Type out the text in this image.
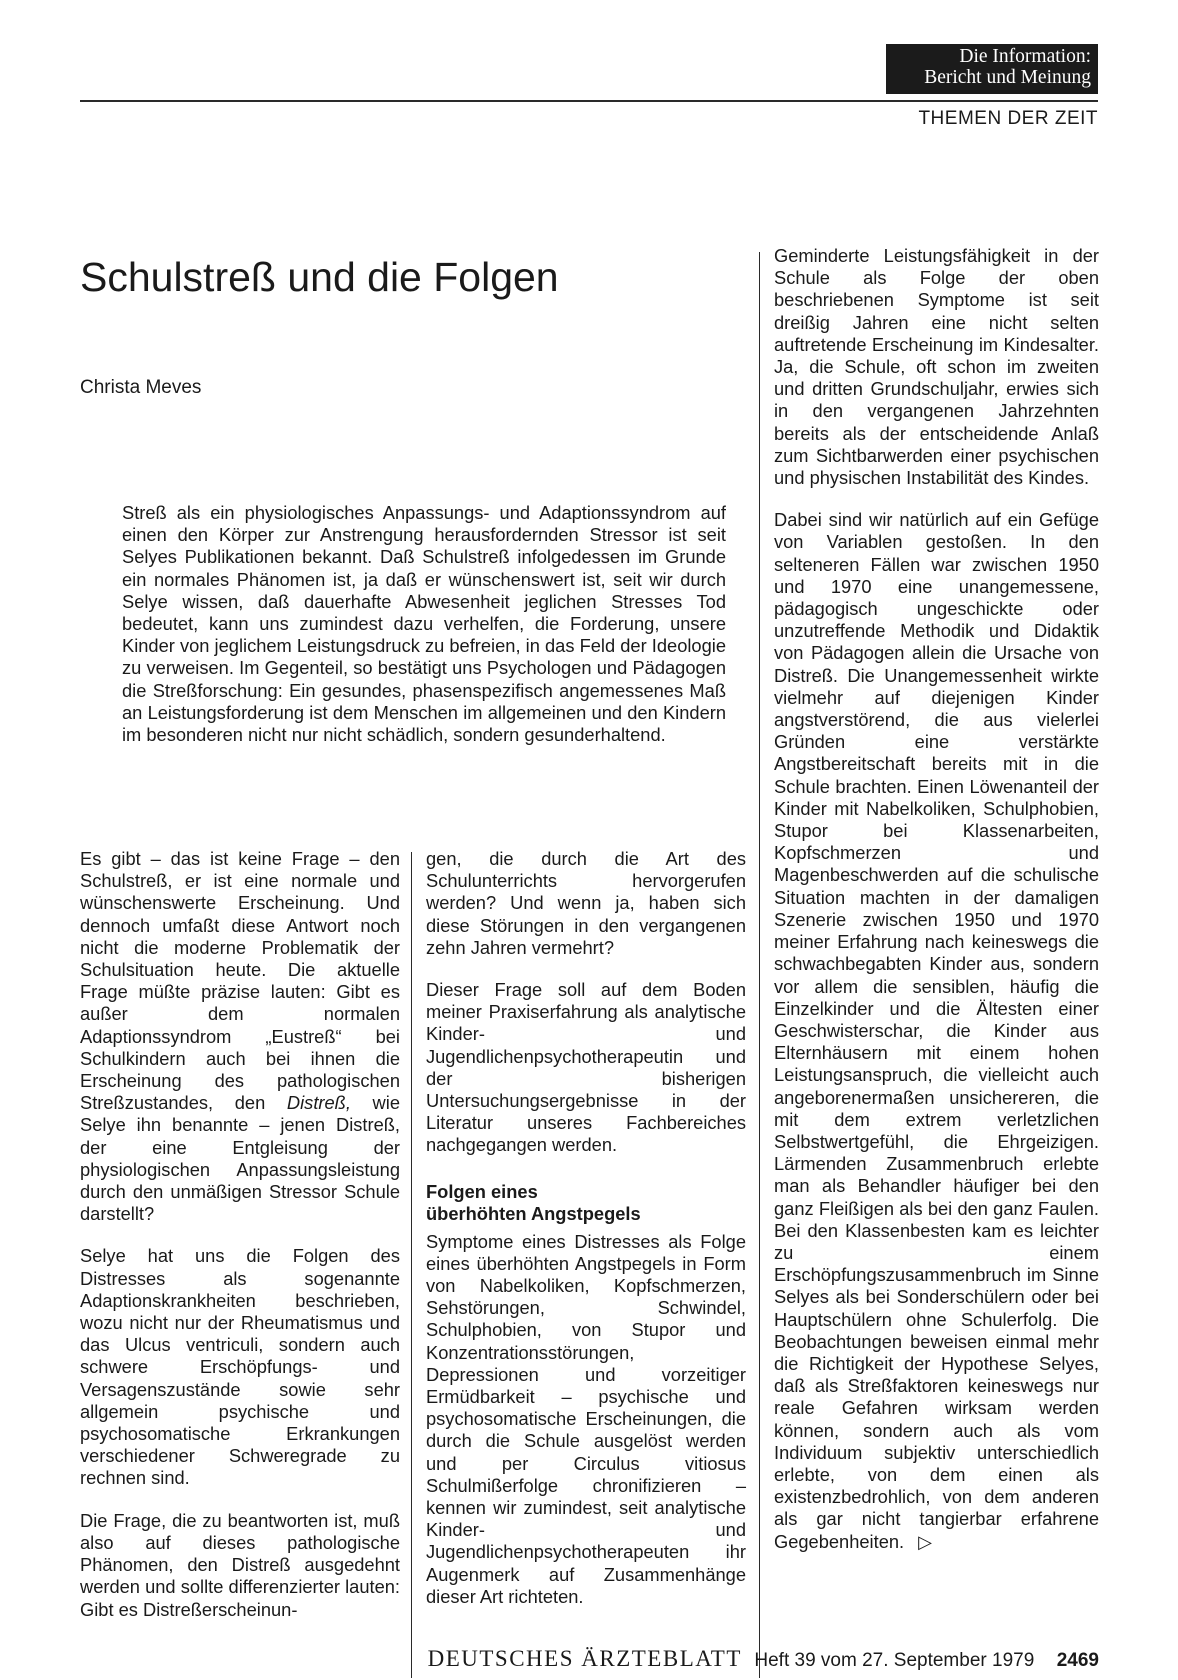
Die Information:
Bericht und Meinung
THEMEN DER ZEIT
Schulstreß und die Folgen
Christa Meves

Streß als ein physiologisches Anpassungs- und Adaptionssyndrom auf einen den Körper zur Anstrengung herausfordernden Stressor ist seit Selyes Publikationen bekannt. Daß Schulstreß infolgedessen im Grunde ein normales Phänomen ist, ja daß er wünschenswert ist, seit wir durch Selye wissen, daß dauerhafte Abwesenheit jeglichen Stresses Tod bedeutet, kann uns zumindest dazu verhelfen, die Forderung, unsere Kinder von jeglichem Leistungsdruck zu befreien, in das Feld der Ideologie zu verweisen. Im Gegenteil, so bestätigt uns Psychologen und Pädagogen die Streßforschung: Ein gesundes, phasenspezifisch angemessenes Maß an Leistungsforderung ist dem Menschen im allgemeinen und den Kindern im besonderen nicht nur nicht schädlich, sondern gesunderhaltend.

Es gibt – das ist keine Frage – den Schulstreß, er ist eine normale und wünschenswerte Erscheinung. Und dennoch umfaßt diese Antwort noch nicht die moderne Problematik der Schulsituation heute. Die aktuelle Frage müßte präzise lauten: Gibt es außer dem normalen Adaptionssyndrom „Eustreß“ bei Schulkindern auch bei ihnen die Erscheinung des pathologischen Streßzustandes, den Distreß, wie Selye ihn benannte – jenen Distreß, der eine Entgleisung der physiologischen Anpassungsleistung durch den unmäßigen Stressor Schule darstellt?

Selye hat uns die Folgen des Distresses als sogenannte Adaptionskrankheiten beschrieben, wozu nicht nur der Rheumatismus und das Ulcus ventriculi, sondern auch schwere Erschöpfungs- und Versagenszustände sowie sehr allgemein psychische und psychosomatische Erkrankungen verschiedener Schweregrade zu rechnen sind.

Die Frage, die zu beantworten ist, muß also auf dieses pathologische Phänomen, den Distreß ausgedehnt werden und sollte differenzierter lauten: Gibt es Distreßerscheinun-

gen, die durch die Art des Schulunterrichts hervorgerufen werden? Und wenn ja, haben sich diese Störungen in den vergangenen zehn Jahren vermehrt?

Dieser Frage soll auf dem Boden meiner Praxiserfahrung als analytische Kinder- und Jugendlichenpsychotherapeutin und der bisherigen Untersuchungsergebnisse in der Literatur unseres Fachbereiches nachgegangen werden.

Folgen eines
überhöhten Angstpegels

Symptome eines Distresses als Folge eines überhöhten Angstpegels in Form von Nabelkoliken, Kopfschmerzen, Sehstörungen, Schwindel, Schulphobien, von Stupor und Konzentrationsstörungen, Depressionen und vorzeitiger Ermüdbarkeit – psychische und psychosomatische Erscheinungen, die durch die Schule ausgelöst werden und per Circulus vitiosus Schulmißerfolge chronifizieren – kennen wir zumindest, seit analytische Kinder- und Jugendlichenpsychotherapeuten ihr Augenmerk auf Zusammenhänge dieser Art richteten.

Geminderte Leistungsfähigkeit in der Schule als Folge der oben beschriebenen Symptome ist seit dreißig Jahren eine nicht selten auftretende Erscheinung im Kindesalter. Ja, die Schule, oft schon im zweiten und dritten Grundschuljahr, erwies sich in den vergangenen Jahrzehnten bereits als der entscheidende Anlaß zum Sichtbarwerden einer psychischen und physischen Instabilität des Kindes.

Dabei sind wir natürlich auf ein Gefüge von Variablen gestoßen. In den selteneren Fällen war zwischen 1950 und 1970 eine unangemessene, pädagogisch ungeschickte oder unzutreffende Methodik und Didaktik von Pädagogen allein die Ursache von Distreß. Die Unangemessenheit wirkte vielmehr auf diejenigen Kinder angstverstörend, die aus vielerlei Gründen eine verstärkte Angstbereitschaft bereits mit in die Schule brachten. Einen Löwenanteil der Kinder mit Nabelkoliken, Schulphobien, Stupor bei Klassenarbeiten, Kopfschmerzen und Magenbeschwerden auf die schulische Situation machten in der damaligen Szenerie zwischen 1950 und 1970 meiner Erfahrung nach keineswegs die schwachbegabten Kinder aus, sondern vor allem die sensiblen, häufig die Einzelkinder und die Ältesten einer Geschwisterschar, die Kinder aus Elternhäusern mit einem hohen Leistungsanspruch, die vielleicht auch angeborenermaßen unsichereren, die mit dem extrem verletzlichen Selbstwertgefühl, die Ehrgeizigen. Lärmenden Zusammenbruch erlebte man als Behandler häufiger bei den ganz Fleißigen als bei den ganz Faulen. Bei den Klassenbesten kam es leichter zu einem Erschöpfungszusammenbruch im Sinne Selyes als bei Sonderschülern oder bei Hauptschülern ohne Schulerfolg. Die Beobachtungen beweisen einmal mehr die Richtigkeit der Hypothese Selyes, daß als Streßfaktoren keineswegs nur reale Gefahren wirksam werden können, sondern auch als vom Individuum subjektiv unterschiedlich erlebte, von dem einen als existenzbedrohlich, von dem anderen als gar nicht tangierbar erfahrene Gegebenheiten. ▷

DEUTSCHES ÄRZTEBLATT Heft 39 vom 27. September 1979 2469
